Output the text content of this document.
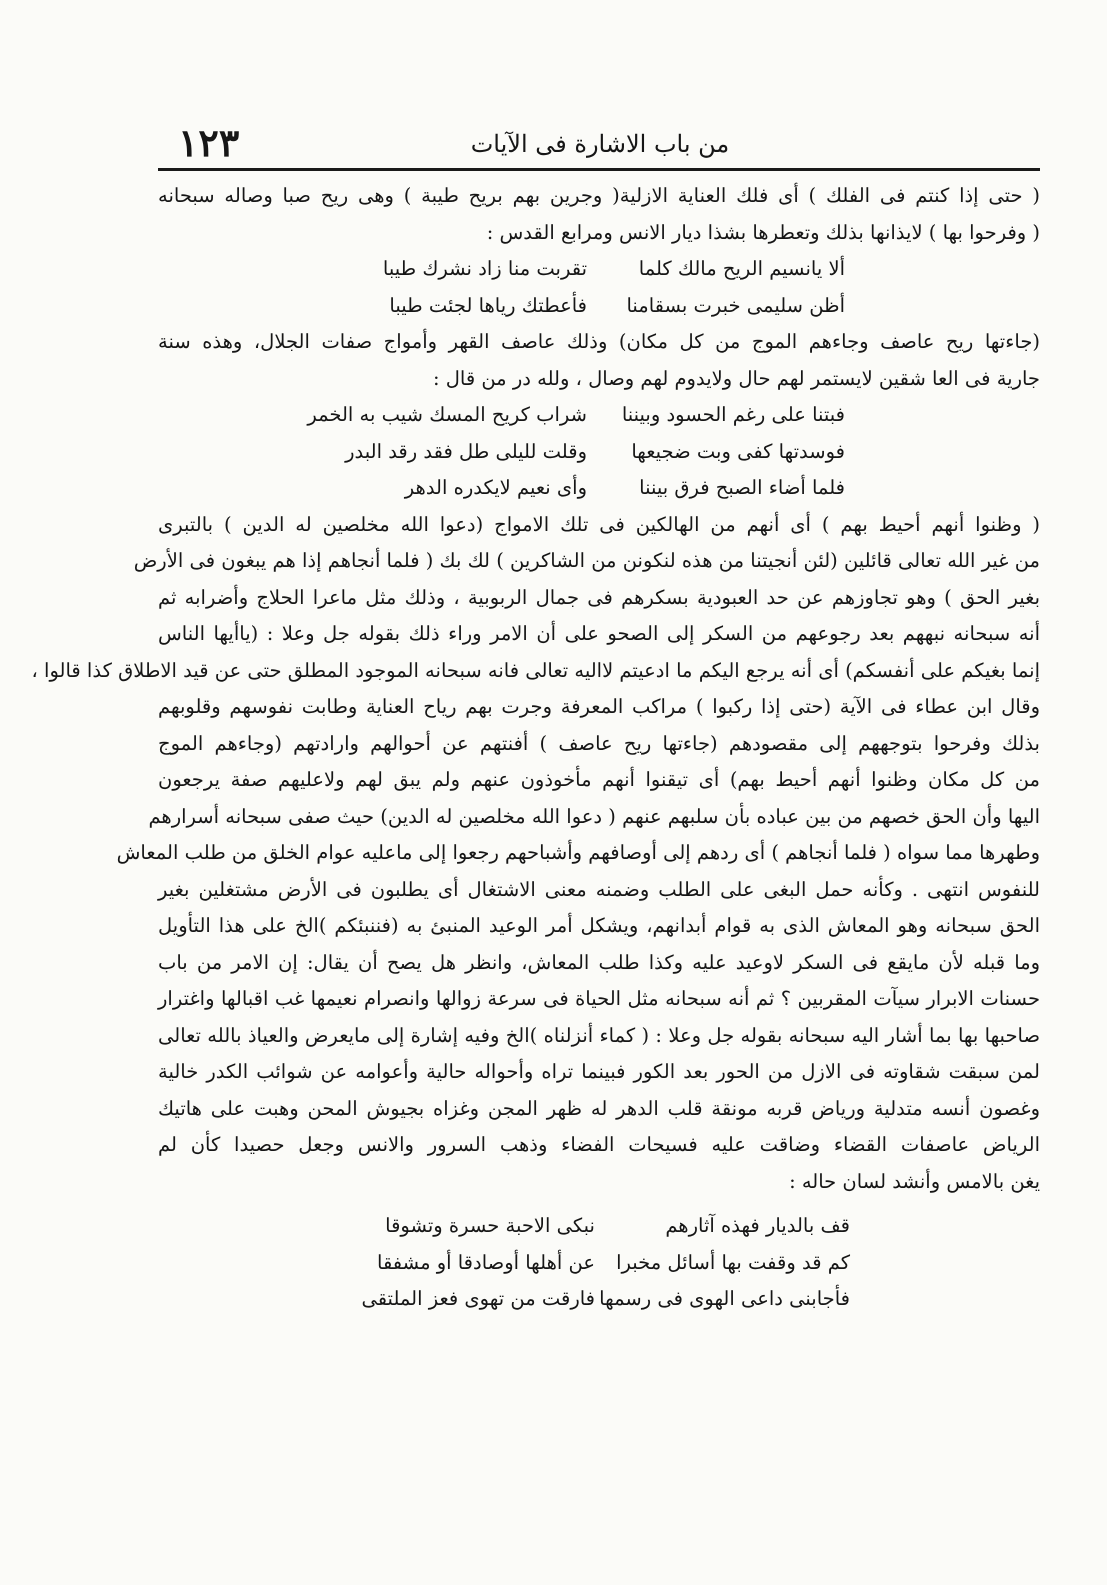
١٢٣	من باب الاشارة فى الآيات
( حتى إذا كنتم فى الفلك ) أى فلك العناية الازلية( وجرين بهم بريح طيبة ) وهى ريح صبا وصاله سبحانه
( وفرحوا بها ) لايذانها بذلك وتعطرها بشذا ديار الانس ومرابع القدس :
ألا يانسيم الريح مالك كلما
تقربت منا زاد نشرك طيبا
أظن سليمى خبرت بسقامنا
فأعطتك رياها لجئت طيبا
(جاءتها ريح عاصف وجاءهم الموج من كل مكان) وذلك عاصف القهر وأمواج صفات الجلال، وهذه سنة
جارية فى العا شقين لايستمر لهم حال ولايدوم لهم وصال ، ولله در من قال :
فبتنا على رغم الحسود وبيننا
شراب كريح المسك شيب به الخمر
فوسدتها كفى وبت ضجيعها
وقلت لليلى طل فقد رقد البدر
فلما أضاء الصبح فرق بيننا
وأى نعيم لايكدره الدهر
( وظنوا أنهم أحيط بهم ) أى أنهم من الهالكين فى تلك الامواج (دعوا الله مخلصين له الدين ) بالتبرى
من غير الله تعالى قائلين (لئن أنجيتنا من هذه لنكونن من الشاكرين ) لك بك ( فلما أنجاهم إذا هم يبغون فى الأرض
بغير الحق ) وهو تجاوزهم عن حد العبودية بسكرهم فى جمال الربوبية ، وذلك مثل ماعرا الحلاج وأضرابه ثم
أنه سبحانه نبههم بعد رجوعهم من السكر إلى الصحو على أن الامر وراء ذلك بقوله جل وعلا : (ياأيها الناس
إنما بغيكم على أنفسكم) أى أنه يرجع اليكم ما ادعيتم لااليه تعالى فانه سبحانه الموجود المطلق حتى عن قيد الاطلاق كذا قالوا ،
وقال ابن عطاء فى الآية (حتى إذا ركبوا ) مراكب المعرفة وجرت بهم رياح العناية وطابت نفوسهم وقلوبهم
بذلك وفرحوا بتوجههم إلى مقصودهم (جاءتها ريح عاصف ) أفنتهم عن أحوالهم وارادتهم (وجاءهم الموج
من كل مكان وظنوا أنهم أحيط بهم) أى تيقنوا أنهم مأخوذون عنهم ولم يبق لهم ولاعليهم صفة يرجعون
اليها وأن الحق خصهم من بين عباده بأن سلبهم عنهم ( دعوا الله مخلصين له الدين) حيث صفى سبحانه أسرارهم
وطهرها مما سواه ( فلما أنجاهم ) أى ردهم إلى أوصافهم وأشباحهم رجعوا إلى ماعليه عوام الخلق من طلب المعاش
للنفوس انتهى . وكأنه حمل البغى على الطلب وضمنه معنى الاشتغال أى يطلبون فى الأرض مشتغلين بغير
الحق سبحانه وهو المعاش الذى به قوام أبدانهم، ويشكل أمر الوعيد المنبئ به (فننبئكم )الخ على هذا التأويل
وما قبله لأن مايقع فى السكر لاوعيد عليه وكذا طلب المعاش، وانظر هل يصح أن يقال: إن الامر من باب
حسنات الابرار سيآت المقربين ؟ ثم أنه سبحانه مثل الحياة فى سرعة زوالها وانصرام نعيمها غب اقبالها واغترار
صاحبها بها بما أشار اليه سبحانه بقوله جل وعلا : ( كماء أنزلناه )الخ وفيه إشارة إلى مايعرض والعياذ بالله تعالى
لمن سبقت شقاوته فى الازل من الحور بعد الكور فبينما تراه وأحواله حالية وأعوامه عن شوائب الكدر خالية
وغصون أنسه متدلية ورياض قربه مونقة قلب الدهر له ظهر المجن وغزاه بجيوش المحن وهبت على هاتيك
الرياض عاصفات القضاء وضاقت عليه فسيحات الفضاء وذهب السرور والانس وجعل حصيدا كأن لم
يغن بالامس وأنشد لسان حاله :
قف بالديار فهذه آثارهم
نبكى الاحبة حسرة وتشوقا
كم قد وقفت بها أسائل مخبرا
عن أهلها أوصادقا أو مشفقا
فأجابنى داعى الهوى فى رسمها
فارقت من تهوى فعز الملتقى
